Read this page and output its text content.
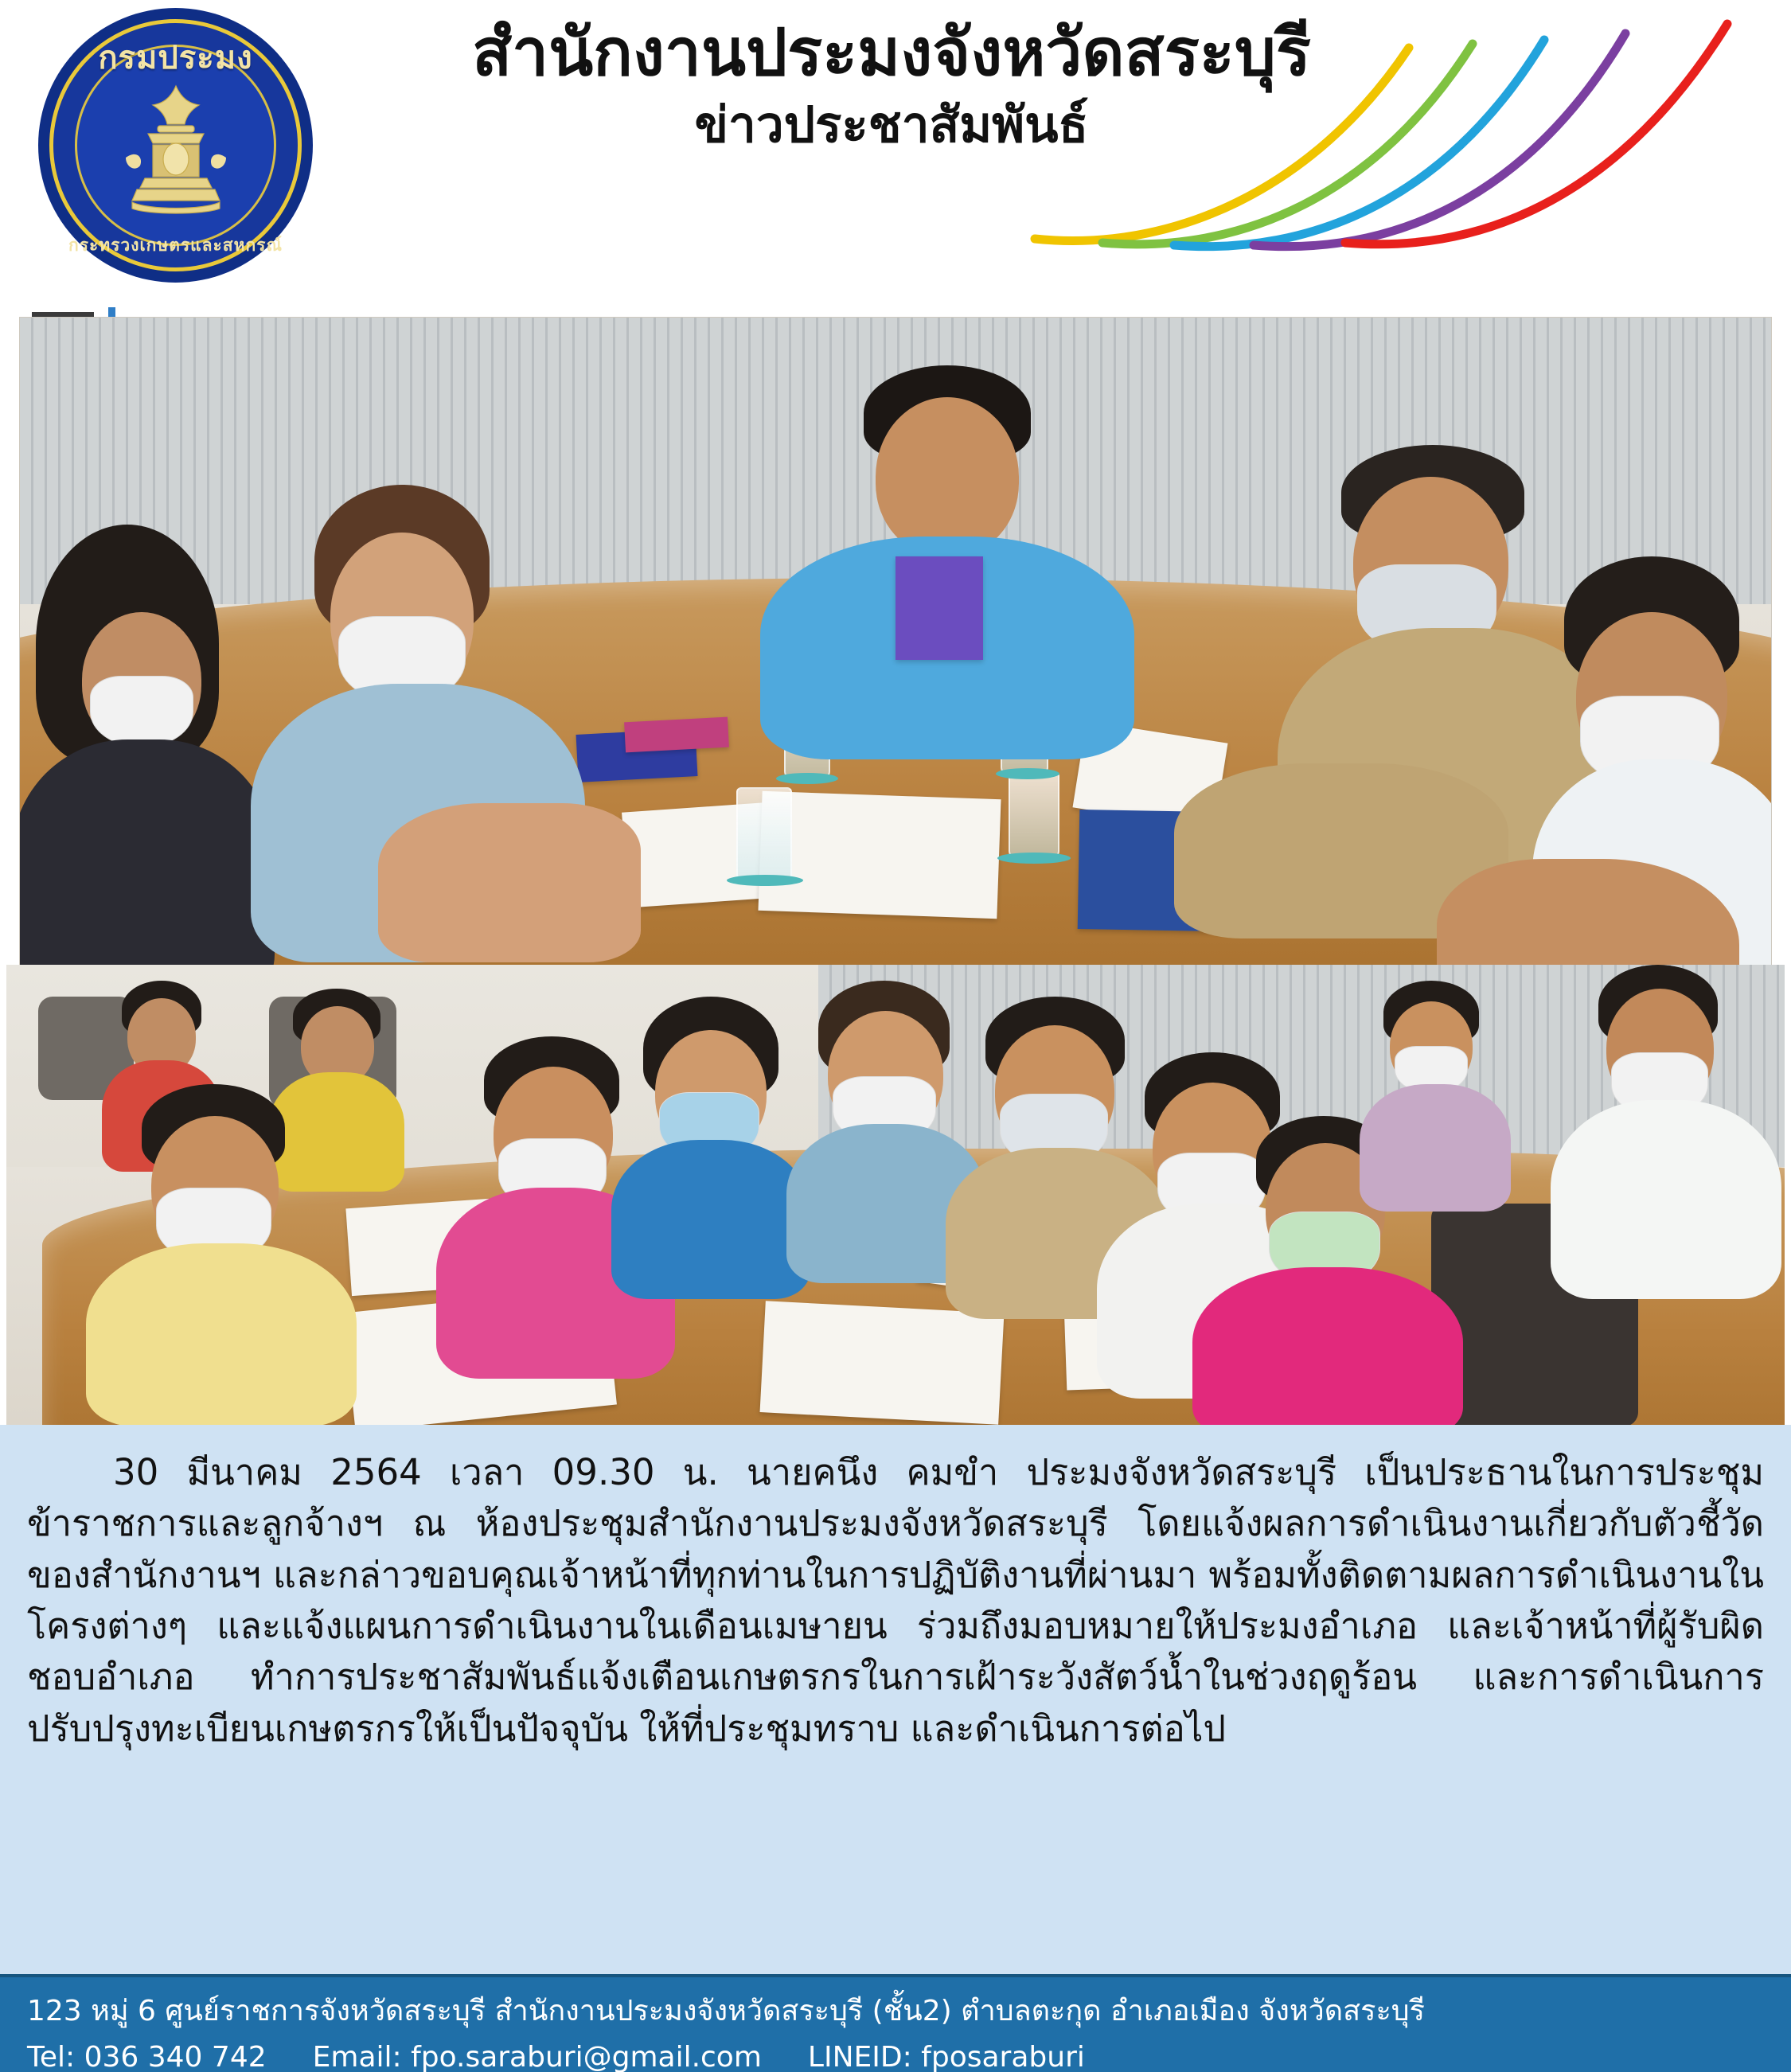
กรมประมง
กระทรวงเกษตรและสหกรณ์
สำนักงานประมงจังหวัดสระบุรี
ข่าวประชาสัมพันธ์

30 มีนาคม 2564 เวลา 09.30 น. นายคนึง คมขำ ประมงจังหวัดสระบุรี เป็นประธานในการประชุมข้าราชการและลูกจ้างฯ ณ ห้องประชุมสำนักงานประมงจังหวัดสระบุรี โดยแจ้งผลการดำเนินงานเกี่ยวกับตัวชี้วัดของสำนักงานฯ และกล่าวขอบคุณเจ้าหน้าที่ทุกท่านในการปฏิบัติงานที่ผ่านมา พร้อมทั้งติดตามผลการดำเนินงานในโครงต่างๆ และแจ้งแผนการดำเนินงานในเดือนเมษายน ร่วมถึงมอบหมายให้ประมงอำเภอ และเจ้าหน้าที่ผู้รับผิดชอบอำเภอ ทำการประชาสัมพันธ์แจ้งเตือนเกษตรกรในการเฝ้าระวังสัตว์น้ำในช่วงฤดูร้อน และการดำเนินการปรับปรุงทะเบียนเกษตรกรให้เป็นปัจจุบัน ให้ที่ประชุมทราบ และดำเนินการต่อไป

123 หมู่ 6 ศูนย์ราชการจังหวัดสระบุรี สำนักงานประมงจังหวัดสระบุรี (ชั้น2) ตำบลตะกุด อำเภอเมือง จังหวัดสระบุรี
Tel: 036 340 742 Email: fpo.saraburi@gmail.com LINEID: fposaraburi
